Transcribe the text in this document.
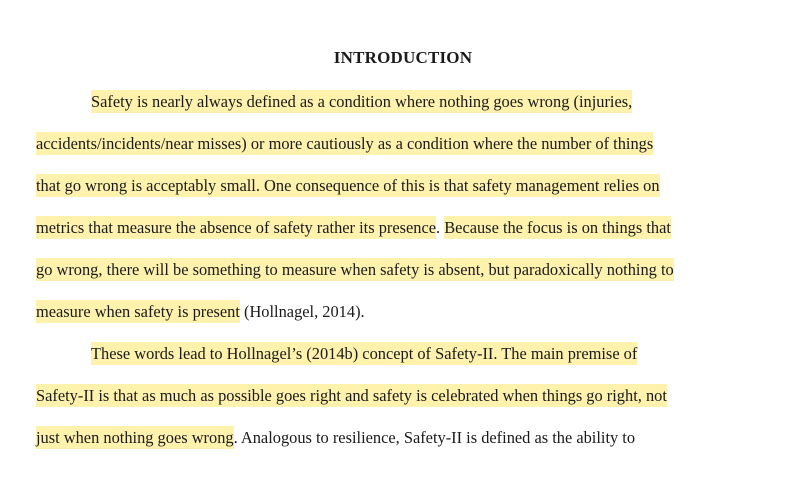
INTRODUCTION
Safety is nearly always defined as a condition where nothing goes wrong (injuries,
accidents/incidents/near misses) or more cautiously as a condition where the number of things
that go wrong is acceptably small. One consequence of this is that safety management relies on
metrics that measure the absence of safety rather its presence. Because the focus is on things that
go wrong, there will be something to measure when safety is absent, but paradoxically nothing to
measure when safety is present (Hollnagel, 2014).
These words lead to Hollnagel’s (2014b) concept of Safety-II. The main premise of
Safety-II is that as much as possible goes right and safety is celebrated when things go right, not
just when nothing goes wrong. Analogous to resilience, Safety-II is defined as the ability to
